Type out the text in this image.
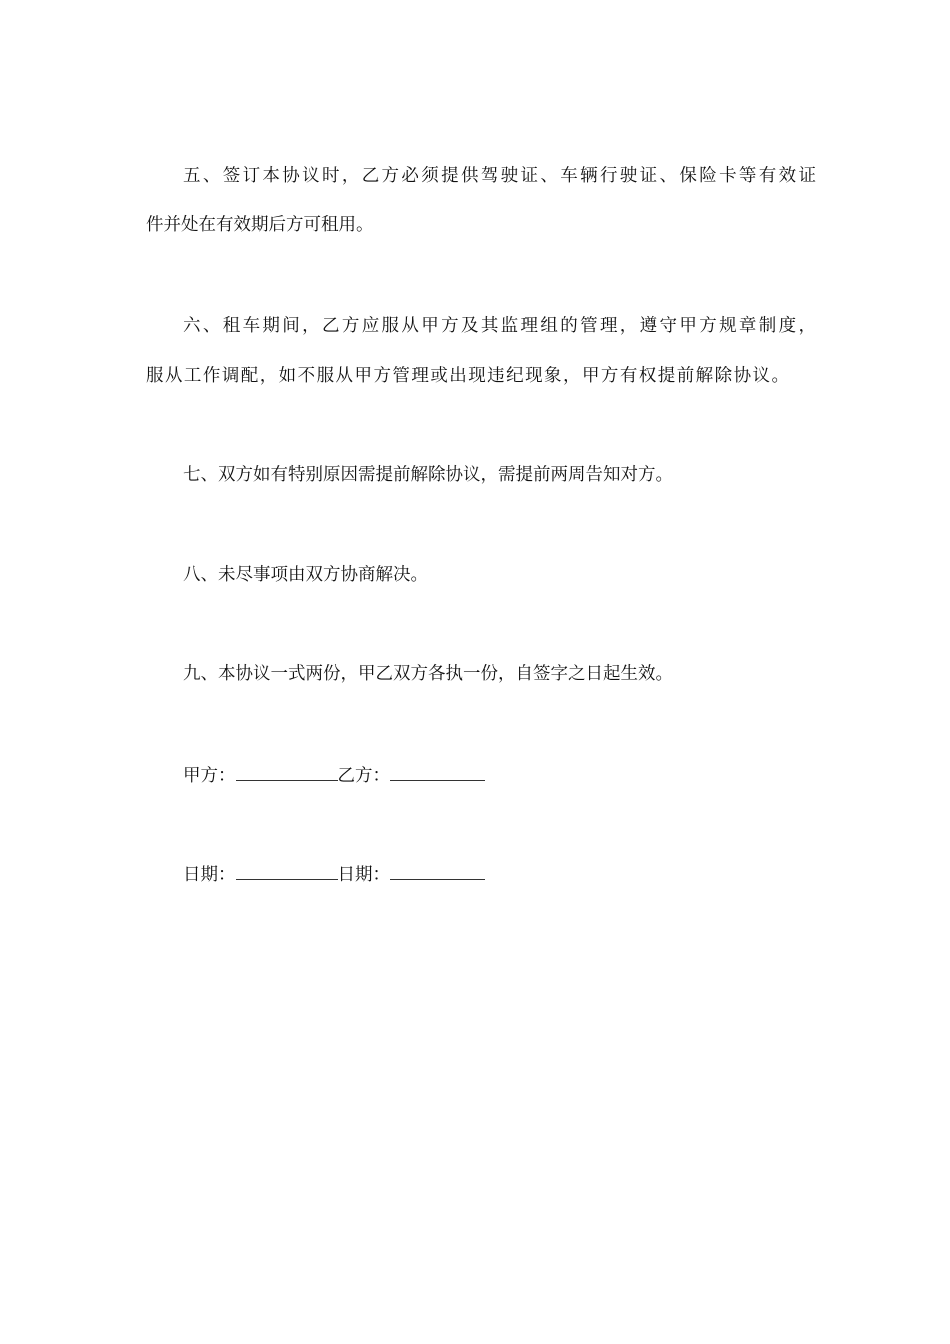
五、签订本协议时，乙方必须提供驾驶证、车辆行驶证、保险卡等有效证
件并处在有效期后方可租用。
六、租车期间，乙方应服从甲方及其监理组的管理，遵守甲方规章制度，
服从工作调配，如不服从甲方管理或出现违纪现象，甲方有权提前解除协议。
七、双方如有特别原因需提前解除协议，需提前两周告知对方。
八、未尽事项由双方协商解决。
九、本协议一式两份，甲乙双方各执一份，自签字之日起生效。
甲方：	乙方：
日期：	日期：
